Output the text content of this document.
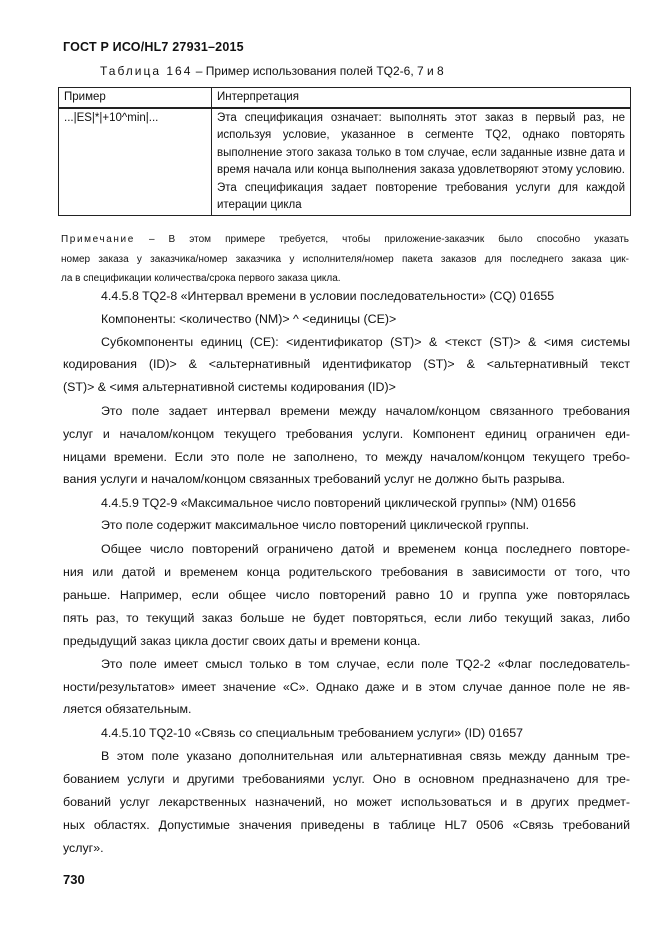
ГОСТ Р ИСО/HL7 27931–2015
Таблица 164 – Пример использования полей TQ2-6, 7 и 8
Пример	Интерпретация
...|ES|*|+10^min|...	Эта спецификация означает: выполнять этот заказ в первый раз, не используя условие, указанное в сегменте TQ2, однако повторять выполнение этого заказа только в том случае, если заданные извне дата и время начала или конца выполнения заказа удовлетворяют этому условию. Эта спецификация задает повторение требования услуги для каждой итерации цикла

Примечание – В этом примере требуется, чтобы приложение-заказчик было способно указать
номер заказа у заказчика/номер заказчика у исполнителя/номер пакета заказов для последнего заказа цик-
ла в спецификации количества/срока первого заказа цикла.
4.4.5.8 TQ2-8 «Интервал времени в условии последовательности» (CQ) 01655
Компоненты: <количество (NM)> ^ <единицы (CE)>
Субкомпоненты единиц (CE): <идентификатор (ST)> & <текст (ST)> & <имя системы
кодирования (ID)> & <альтернативный идентификатор (ST)> & <альтернативный текст
(ST)> & <имя альтернативной системы кодирования (ID)>
Это поле задает интервал времени между началом/концом связанного требования
услуг и началом/концом текущего требования услуги. Компонент единиц ограничен еди-
ницами времени. Если это поле не заполнено, то между началом/концом текущего требо-
вания услуги и началом/концом связанных требований услуг не должно быть разрыва.
4.4.5.9 TQ2-9 «Максимальное число повторений циклической группы» (NM) 01656
Это поле содержит максимальное число повторений циклической группы.
Общее число повторений ограничено датой и временем конца последнего повторе-
ния или датой и временем конца родительского требования в зависимости от того, что
раньше. Например, если общее число повторений равно 10 и группа уже повторялась
пять раз, то текущий заказ больше не будет повторяться, если либо текущий заказ, либо
предыдущий заказ цикла достиг своих даты и времени конца.
Это поле имеет смысл только в том случае, если поле TQ2-2 «Флаг последователь-
ности/результатов» имеет значение «C». Однако даже и в этом случае данное поле не яв-
ляется обязательным.
4.4.5.10 TQ2-10 «Связь со специальным требованием услуги» (ID) 01657
В этом поле указано дополнительная или альтернативная связь между данным тре-
бованием услуги и другими требованиями услуг. Оно в основном предназначено для тре-
бований услуг лекарственных назначений, но может использоваться и в других предмет-
ных областях. Допустимые значения приведены в таблице HL7 0506 «Связь требований
услуг».
730
